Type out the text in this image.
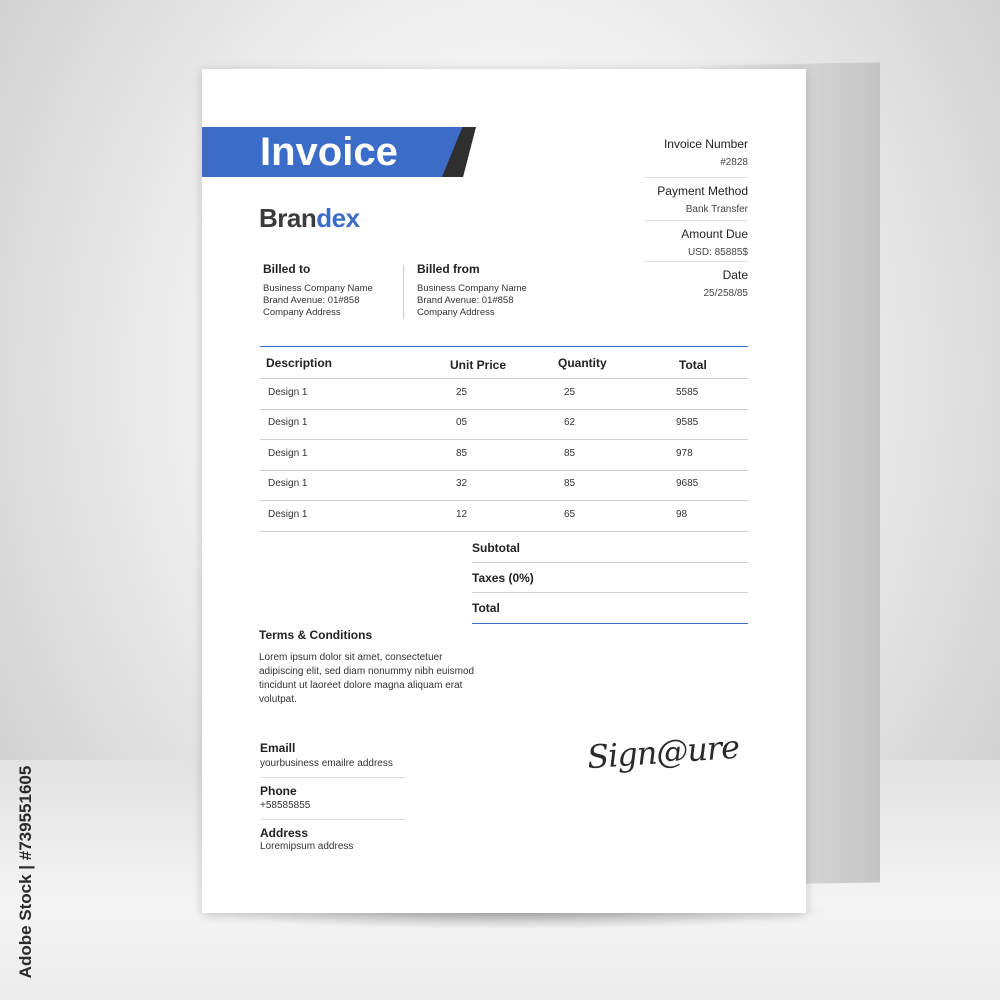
Adobe Stock | #739551605
Invoice
Brandex
Invoice Number
#2828
Payment Method
Bank Transfer
Amount Due
USD: 85885$
Date
25/258/85
Billed to
Business Company Name
Brand Avenue: 01#858
Company Address
Billed from
Business Company Name
Brand Avenue: 01#858
Company Address
Description	Unit Price	Quantity	Total
Design 1	25	25	5585
Design 1	05	62	9585
Design 1	85	85	978
Design 1	32	85	9685
Design 1	12	65	98
Subtotal
Taxes (0%)
Total
Terms & Conditions
Lorem ipsum dolor sit amet, consectetuer adipiscing elit, sed diam nonummy nibh euismod tincidunt ut laoreet dolore magna aliquam erat volutpat.
Emaill
yourbusiness emailre address
Phone
+58585855
Address
Loremipsum address
Sign@ure
